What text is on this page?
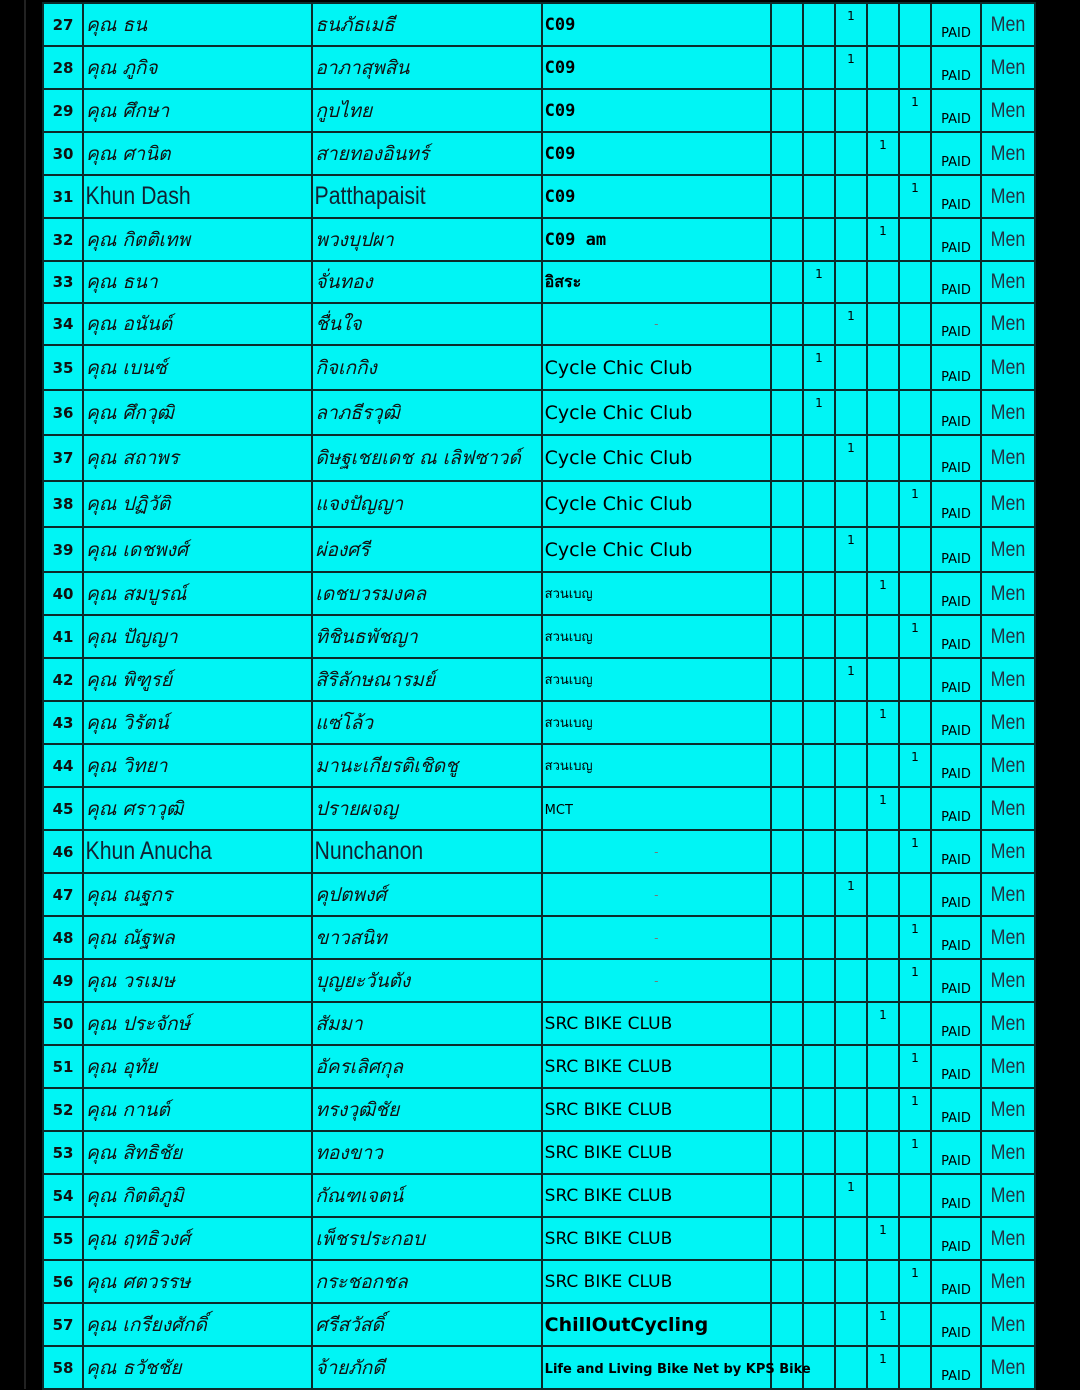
27	คุณ ธน	ธนภัธเมธี	C09			1			PAID	Men
28	คุณ ภูกิจ	อาภาสุพสิน	C09			1			PAID	Men
29	คุณ ศึกษา	กูบไทย	C09					1	PAID	Men
30	คุณ ศานิต	สายทองอินทร์	C09				1		PAID	Men
31	Khun Dash	Patthapaisit	C09					1	PAID	Men
32	คุณ กิตติเทพ	พวงบุปผา	C09 am				1		PAID	Men
33	คุณ ธนา	จั่นทอง	อิสระ		1				PAID	Men
34	คุณ อนันต์	ชื่นใจ	-			1			PAID	Men
35	คุณ เบนซ์	กิจเกกิง	Cycle Chic Club		1				PAID	Men
36	คุณ ศึกวุฒิ	ลาภธีรวุฒิ	Cycle Chic Club		1				PAID	Men
37	คุณ สถาพร	ดิษฐเชยเดช ณ เลิฟซาวด์	Cycle Chic Club			1			PAID	Men
38	คุณ ปฏิวัติ	แจงปัญญา	Cycle Chic Club					1	PAID	Men
39	คุณ เดชพงศ์	ผ่องศรี	Cycle Chic Club			1			PAID	Men
40	คุณ สมบูรณ์	เดชบวรมงคล	สวนเบญ				1		PAID	Men
41	คุณ ปัญญา	ทิชินธพัชญา	สวนเบญ					1	PAID	Men
42	คุณ พิฑูรย์	สิริลักษณารมย์	สวนเบญ			1			PAID	Men
43	คุณ วิรัตน์	แซ่โล้ว	สวนเบญ				1		PAID	Men
44	คุณ วิทยา	มานะเกียรติเชิดชู	สวนเบญ					1	PAID	Men
45	คุณ ศราวุฒิ	ปรายผจญ	MCT				1		PAID	Men
46	Khun Anucha	Nunchanon	-					1	PAID	Men
47	คุณ ณฐกร	คุปตพงศ์	-			1			PAID	Men
48	คุณ ณัฐพล	ขาวสนิท	-					1	PAID	Men
49	คุณ วรเมษ	บุญยะวันตัง	-					1	PAID	Men
50	คุณ ประจักษ์	สัมมา	SRC BIKE CLUB				1		PAID	Men
51	คุณ อุทัย	อัครเลิศกุล	SRC BIKE CLUB					1	PAID	Men
52	คุณ กานต์	ทรงวุฒิชัย	SRC BIKE CLUB					1	PAID	Men
53	คุณ สิทธิชัย	ทองขาว	SRC BIKE CLUB					1	PAID	Men
54	คุณ กิตติภูมิ	กัณฑเจตน์	SRC BIKE CLUB			1			PAID	Men
55	คุณ ฤทธิวงศ์	เพ็ชรประกอบ	SRC BIKE CLUB				1		PAID	Men
56	คุณ ศตวรรษ	กระชอกชล	SRC BIKE CLUB					1	PAID	Men
57	คุณ เกรียงศักดิ์	ศรีสวัสดิ์	ChillOutCycling				1		PAID	Men
58	คุณ ธวัชชัย	จ้ายภักดี	Life and Living Bike Net by KPS Bike				1		PAID	Men
